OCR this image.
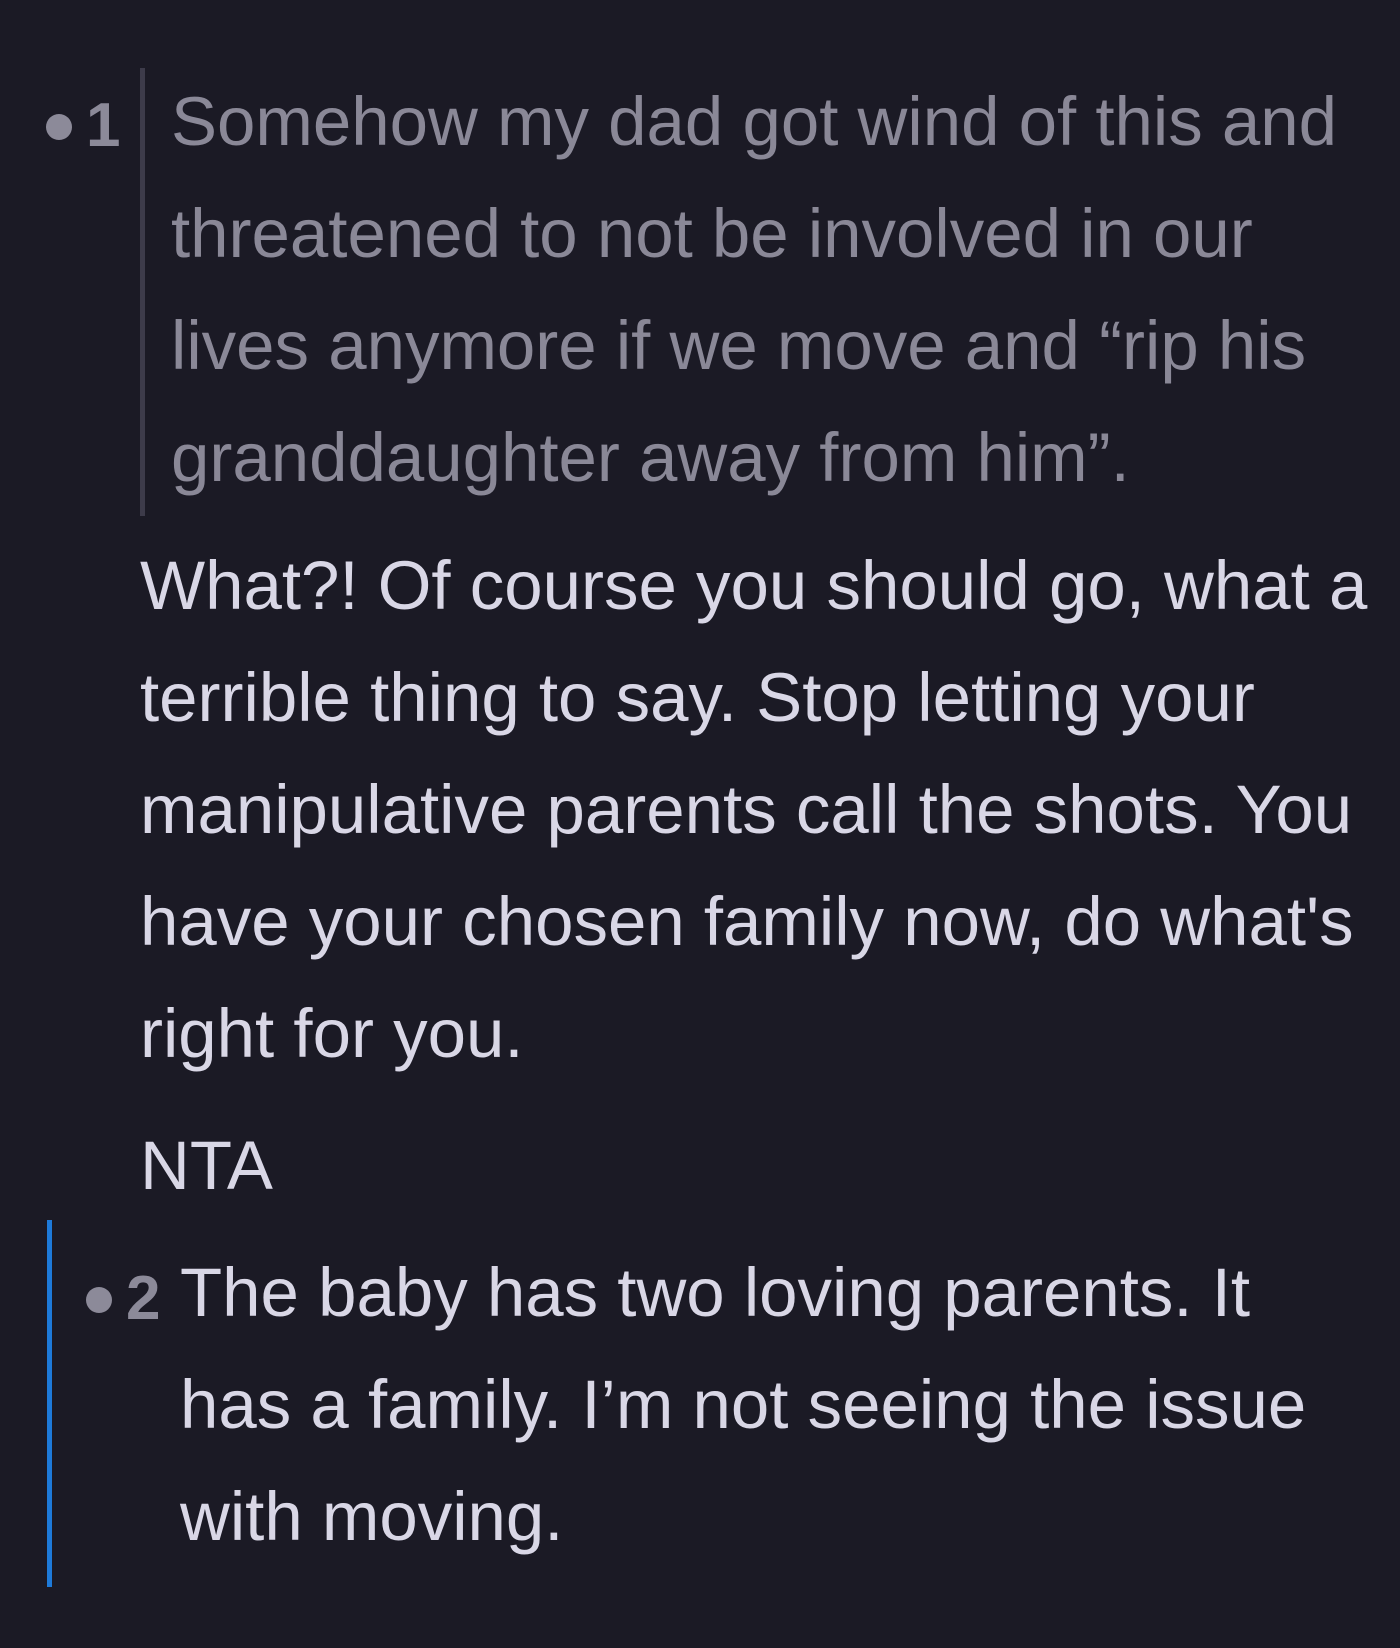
1 Somehow my dad got wind of this and threatened to not be involved in our lives anymore if we move and “rip his granddaughter away from him”.

What?! Of course you should go, what a terrible thing to say. Stop letting your manipulative parents call the shots. You have your chosen family now, do what's right for you.

NTA

2 The baby has two loving parents. It has a family. I’m not seeing the issue with moving.
